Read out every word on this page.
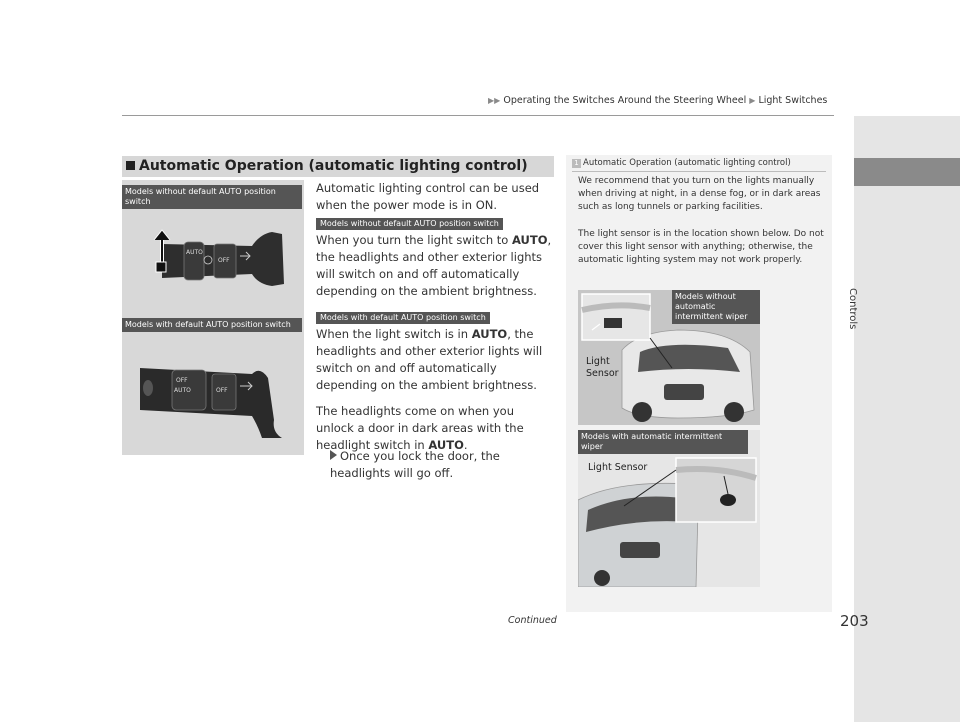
▶▶ Operating the Switches Around the Steering Wheel ▶ Light Switches
Controls
203
Continued
Automatic Operation (automatic lighting control)
Models without default AUTO position switch
AUTO
OFF
Models with default AUTO position switch
OFF
AUTO	OFF
Automatic lighting control can be used when the power mode is in ON.
Models without default AUTO position switch
When you turn the light switch to AUTO, the headlights and other exterior lights will switch on and off automatically depending on the ambient brightness.
Models with default AUTO position switch
When the light switch is in AUTO, the headlights and other exterior lights will switch on and off automatically depending on the ambient brightness.
The headlights come on when you unlock a door in dark areas with the headlight switch in AUTO.
Once you lock the door, the headlights will go off.
1 Automatic Operation (automatic lighting control)
We recommend that you turn on the lights manually when driving at night, in a dense fog, or in dark areas such as long tunnels or parking facilities.
The light sensor is in the location shown below. Do not cover this light sensor with anything; otherwise, the automatic lighting system may not work properly.
Models without automatic intermittent wiper
Light Sensor
Models with automatic intermittent wiper
Light Sensor
